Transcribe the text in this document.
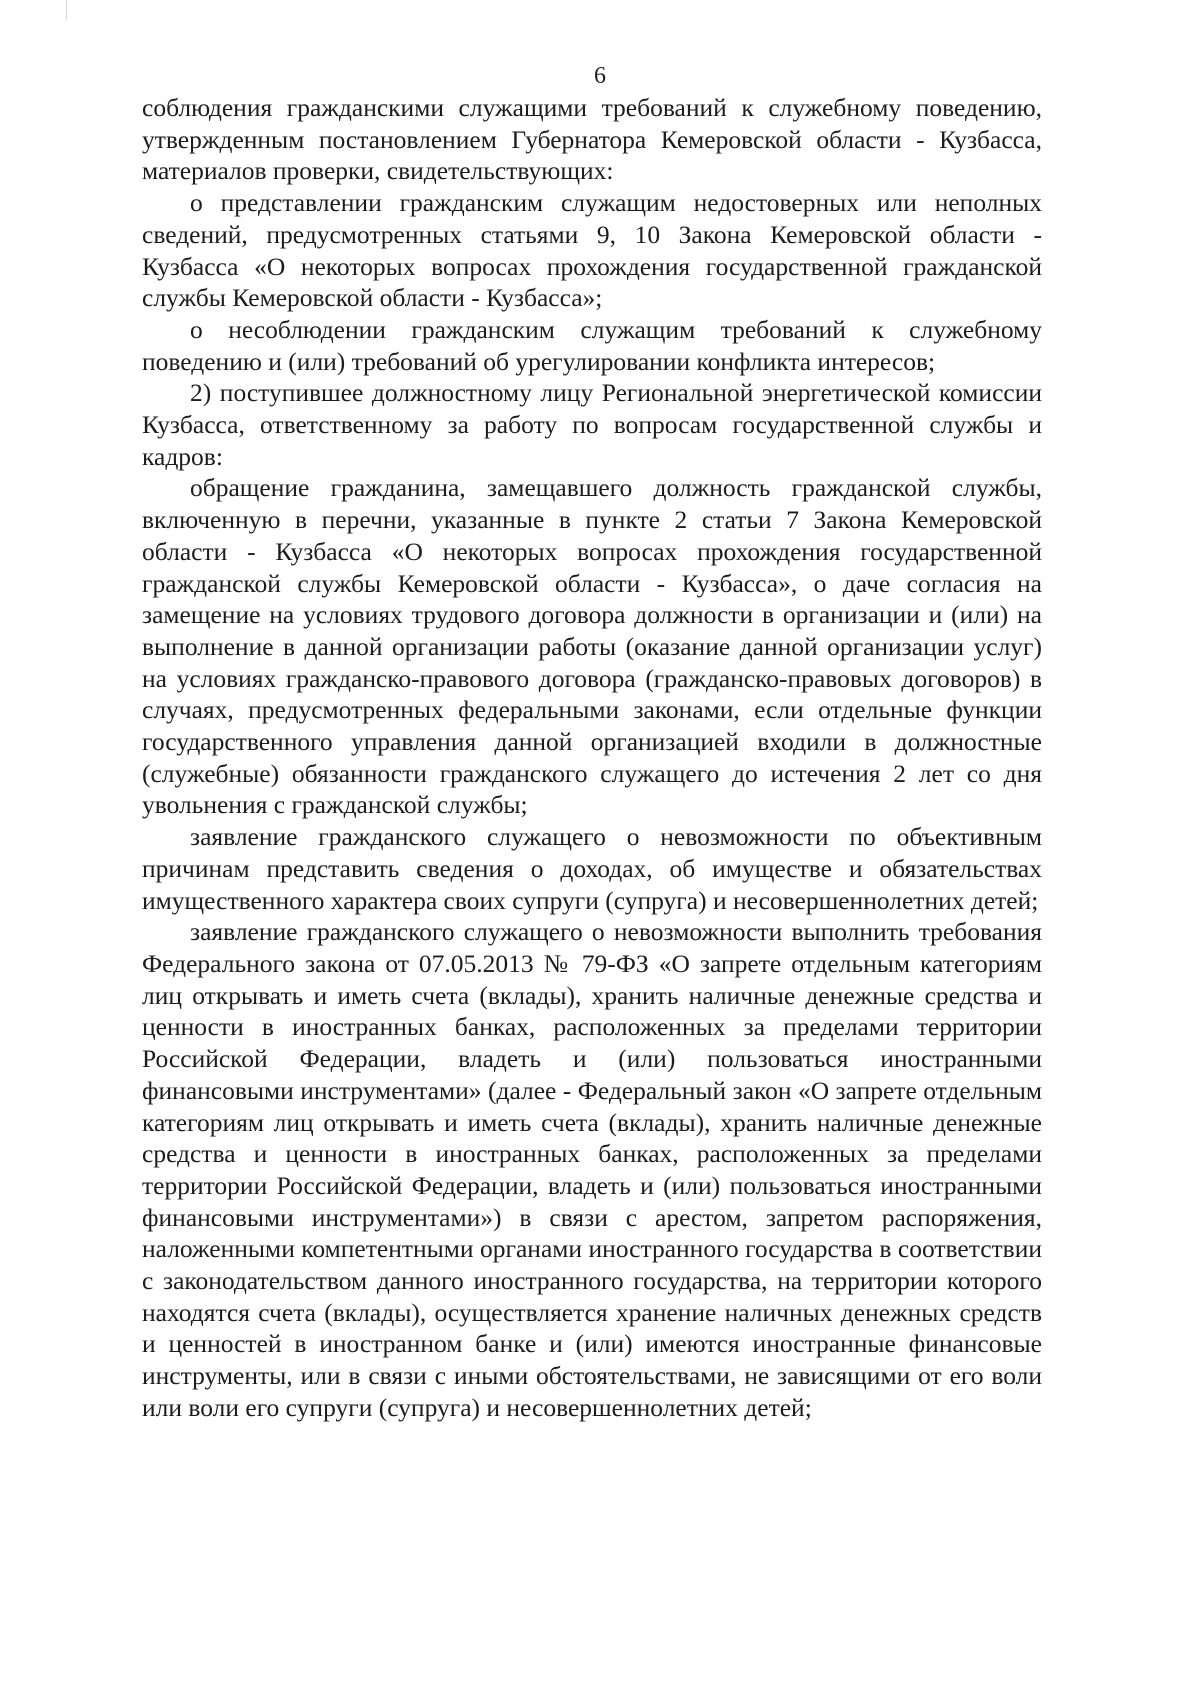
6

соблюдения гражданскими служащими требований к служебному поведению, утвержденным постановлением Губернатора Кемеровской области - Кузбасса, материалов проверки, свидетельствующих:

о представлении гражданским служащим недостоверных или неполных сведений, предусмотренных статьями 9, 10 Закона Кемеровской области - Кузбасса «О некоторых вопросах прохождения государственной гражданской службы Кемеровской области - Кузбасса»;

о несоблюдении гражданским служащим требований к служебному поведению и (или) требований об урегулировании конфликта интересов;

2) поступившее должностному лицу Региональной энергетической комиссии Кузбасса, ответственному за работу по вопросам государственной службы и кадров:

обращение гражданина, замещавшего должность гражданской службы, включенную в перечни, указанные в пункте 2 статьи 7 Закона Кемеровской области - Кузбасса «О некоторых вопросах прохождения государственной гражданской службы Кемеровской области - Кузбасса», о даче согласия на замещение на условиях трудового договора должности в организации и (или) на выполнение в данной организации работы (оказание данной организации услуг) на условиях гражданско-правового договора (гражданско-правовых договоров) в случаях, предусмотренных федеральными законами, если отдельные функции государственного управления данной организацией входили в должностные (служебные) обязанности гражданского служащего до истечения 2 лет со дня увольнения с гражданской службы;

заявление гражданского служащего о невозможности по объективным причинам представить сведения о доходах, об имуществе и обязательствах имущественного характера своих супруги (супруга) и несовершеннолетних детей;

заявление гражданского служащего о невозможности выполнить требования Федерального закона от 07.05.2013 № 79-ФЗ «О запрете отдельным категориям лиц открывать и иметь счета (вклады), хранить наличные денежные средства и ценности в иностранных банках, расположенных за пределами территории Российской Федерации, владеть и (или) пользоваться иностранными финансовыми инструментами» (далее - Федеральный закон «О запрете отдельным категориям лиц открывать и иметь счета (вклады), хранить наличные денежные средства и ценности в иностранных банках, расположенных за пределами территории Российской Федерации, владеть и (или) пользоваться иностранными финансовыми инструментами») в связи с арестом, запретом распоряжения, наложенными компетентными органами иностранного государства в соответствии с законодательством данного иностранного государства, на территории которого находятся счета (вклады), осуществляется хранение наличных денежных средств и ценностей в иностранном банке и (или) имеются иностранные финансовые инструменты, или в связи с иными обстоятельствами, не зависящими от его воли или воли его супруги (супруга) и несовершеннолетних детей;
